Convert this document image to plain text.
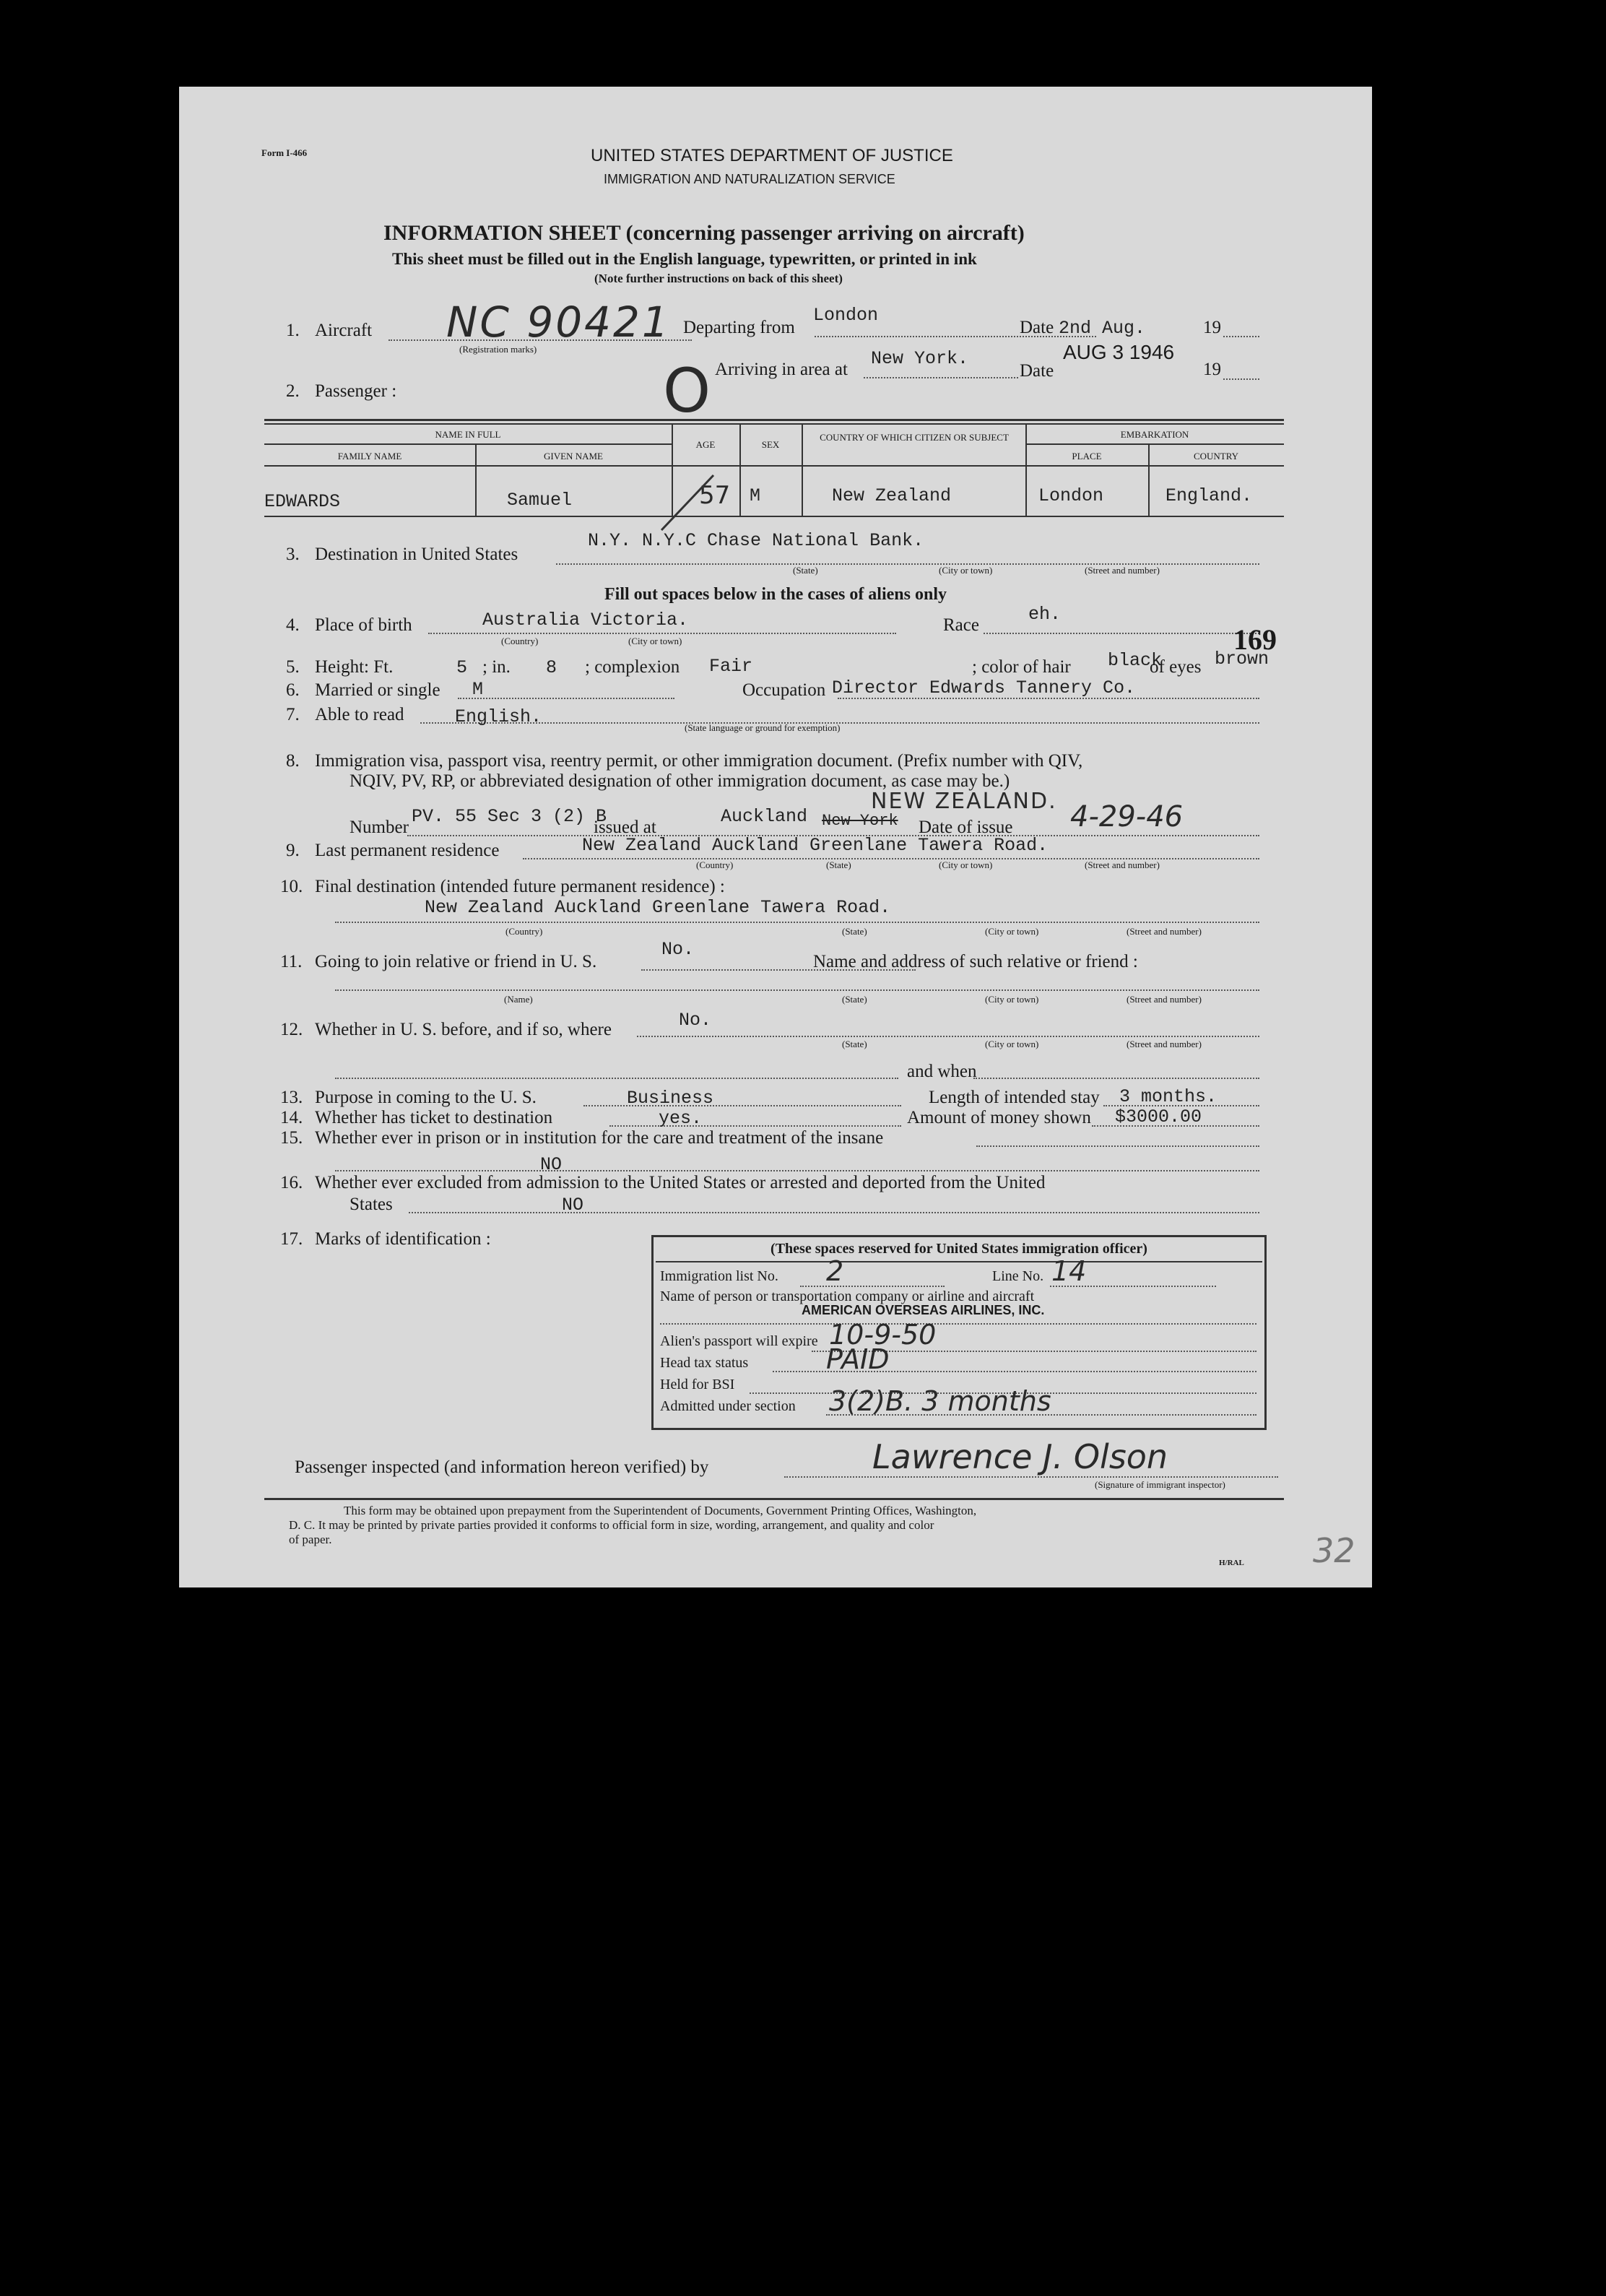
Form I-466	UNITED STATES DEPARTMENT OF JUSTICE
IMMIGRATION AND NATURALIZATION SERVICE
INFORMATION SHEET (concerning passenger arriving on aircraft)
This sheet must be filled out in the English language, typewritten, or printed in ink
(Note further instructions on back of this sheet)
1. Aircraft NC 90421
(Registration marks)
Departing from
London
Date 2nd Aug.	19
Arriving in area at
New York.
Date
AUG 3 1946
19
2. Passenger :	O
NAME IN FULL
FAMILY NAME	GIVEN NAME
AGE	SEX
COUNTRY OF WHICH CITIZEN OR SUBJECT	EMBARKATION
PLACE	COUNTRY
EDWARDS	Samuel	57 M	New Zealand	London	England.
3. Destination in United States
N.Y. N.Y.C Chase National Bank.
(State)	(City or town)	(Street and number)
Fill out spaces below in the cases of aliens only
4. Place of birth	Australia Victoria.
(Country)	(City or town)
Race
eh.
169
5. Height: Ft.	5 ; in. 8 ; complexion Fair	; color of hair black
of eyes brown
6. Married or single M	Occupation Director Edwards Tannery Co.
7. Able to read	English.
(State language or ground for exemption)
8. Immigration visa, passport visa, reentry permit, or other immigration document. (Prefix number with QIV,
NQIV, PV, RP, or abbreviated designation of other immigration document, as case may be.)
Number
PV. 55 Sec 3 (2) B
issued at
Auckland New York
NEW ZEALAND.
Date of issue 4-29-46
9. Last permanent residence	New Zealand Auckland Greenlane Tawera Road.
(Country)	(State)	(City or town)	(Street and number)
10. Final destination (intended future permanent residence) :
New Zealand Auckland Greenlane Tawera Road.
(Country)	(State)	(City or town)	(Street and number)
11. Going to join relative or friend in U. S.
No.
Name and address of such relative or friend :
(Name)	(State)	(City or town)	(Street and number)
12. Whether in U. S. before, and if so, where	No.
(State)	(City or town)	(Street and number)
and when
13. Purpose in coming to the U. S.	Business	Length of intended stay 3 months.
14. Whether has ticket to destination	yes.	Amount of money shown $3000.00
15. Whether ever in prison or in institution for the care and treatment of the insane
NO
16. Whether ever excluded from admission to the United States or arrested and deported from the United
States	NO
17. Marks of identification :	(These spaces reserved for United States immigration officer)
Immigration list No. 2	Line No. 14
Name of person or transportation company or airline and aircraft
AMERICAN OVERSEAS AIRLINES, INC.
Alien's passport will expire 10-9-50
Head tax status	PAID
Held for BSI
Admitted under section 3(2)B. 3 months
Passenger inspected (and information hereon verified) by	Lawrence J. Olson
(Signature of immigrant inspector)
This form may be obtained upon prepayment from the Superintendent of Documents, Government Printing Offices, Washington,
D. C. It may be printed by private parties provided it conforms to official form in size, wording, arrangement, and quality and color
of paper.
H/RAL 32
